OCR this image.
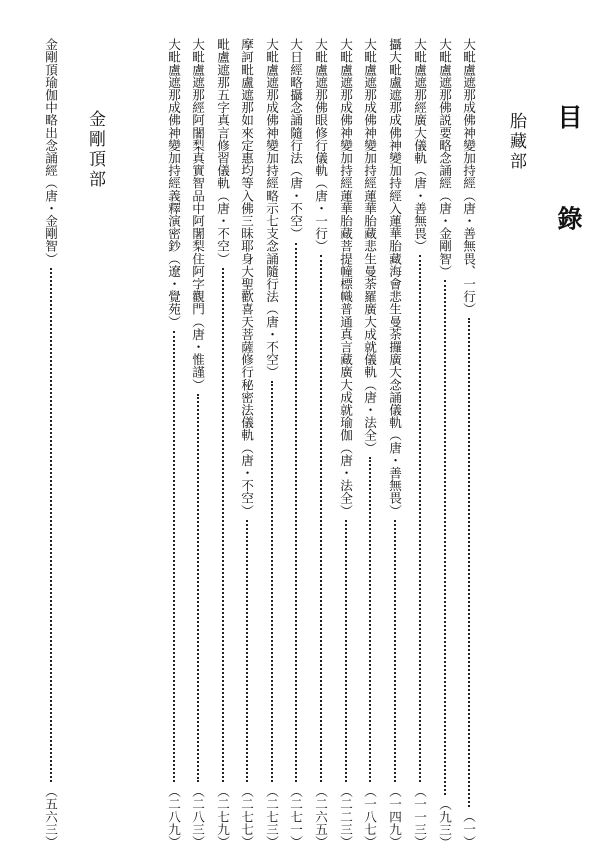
目 錄
胎藏部
大毗盧遮那成佛神變加持經（唐・善無畏、一行）
（一）
大毗盧遮那佛説要略念誦經（唐・金剛智）
（九三）
大毗盧遮那經廣大儀軌（唐・善無畏）
（一一三）
攝大毗盧遮那成佛神變加持經入蓮華胎藏海會悲生曼荼攞廣大念誦儀軌（唐・善無畏）
（一四九）
大毗盧遮那成佛神變加持經蓮華胎藏悲生曼荼羅廣大成就儀軌（唐・法全）
（一八七）
大毗盧遮那成佛神變加持經蓮華胎藏菩提幢標幟普通真言藏廣大成就瑜伽（唐・法全）
（二二三）
大毗盧遮那佛眼修行儀軌（唐・一行）
（二六五）
大日經略攝念誦隨行法（唐・不空）
（二七一）
大毗盧遮那成佛神變加持經略示七支念誦隨行法（唐・不空）
（二七三）
摩訶毗盧遮那如來定惠均等入佛三昧耶身大聖歡喜天菩薩修行秘密法儀軌（唐・不空）
（二七七）
毗盧遮那五字真言修習儀軌（唐・不空）
（二七九）
大毗盧遮那經阿闍梨真實智品中阿闍梨住阿字觀門（唐・惟謹）
（二八三）
大毗盧遮那成佛神變加持經義釋演密鈔（遼・覺苑）
（二八九）
金剛頂部
金剛頂瑜伽中略出念誦經（唐・金剛智）
（五六三）
